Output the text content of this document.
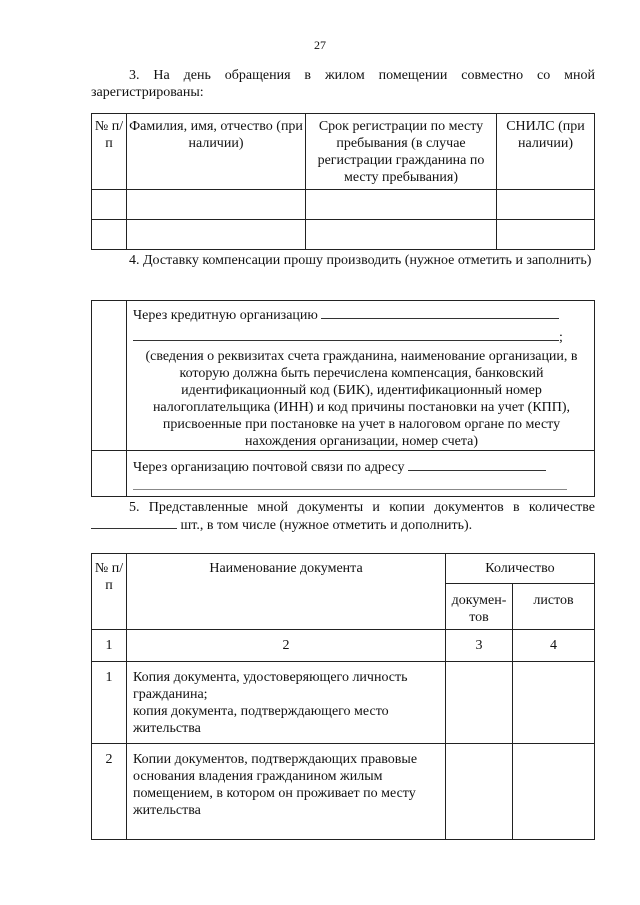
27
3. На день обращения в жилом помещении совместно со мной зарегистрированы:
№ п/п	Фамилия, имя, отчество (при наличии)	Срок регистрации по месту пребывания (в случае регистрации гражданина по месту пребывания)	СНИЛС (при наличии)

4. Доставку компенсации прошу производить (нужное отметить и заполнить)

	Через кредитную организацию
;
(сведения о реквизитах счета гражданина, наименование организации, в которую должна быть перечислена компенсация, банковский идентификационный код (БИК), идентификационный номер налогоплательщика (ИНН) и код причины постановки на учет (КПП), присвоенные при постановке на учет в налоговом органе по месту нахождения организации, номер счета)

	Через организацию почтовой связи по адресу
5. Представленные мной документы и копии документов в количестве шт., в том числе (нужное отметить и дополнить).
№ п/п	Наименование документа	Количество	
		докумен-тов	листов
1	2	3	4
1	Копия документа, удостоверяющего личность гражданина;
копия документа, подтверждающего место жительства		

2	Копии документов, подтверждающих правовые основания владения гражданином жилым помещением, в котором он проживает по месту жительства		
